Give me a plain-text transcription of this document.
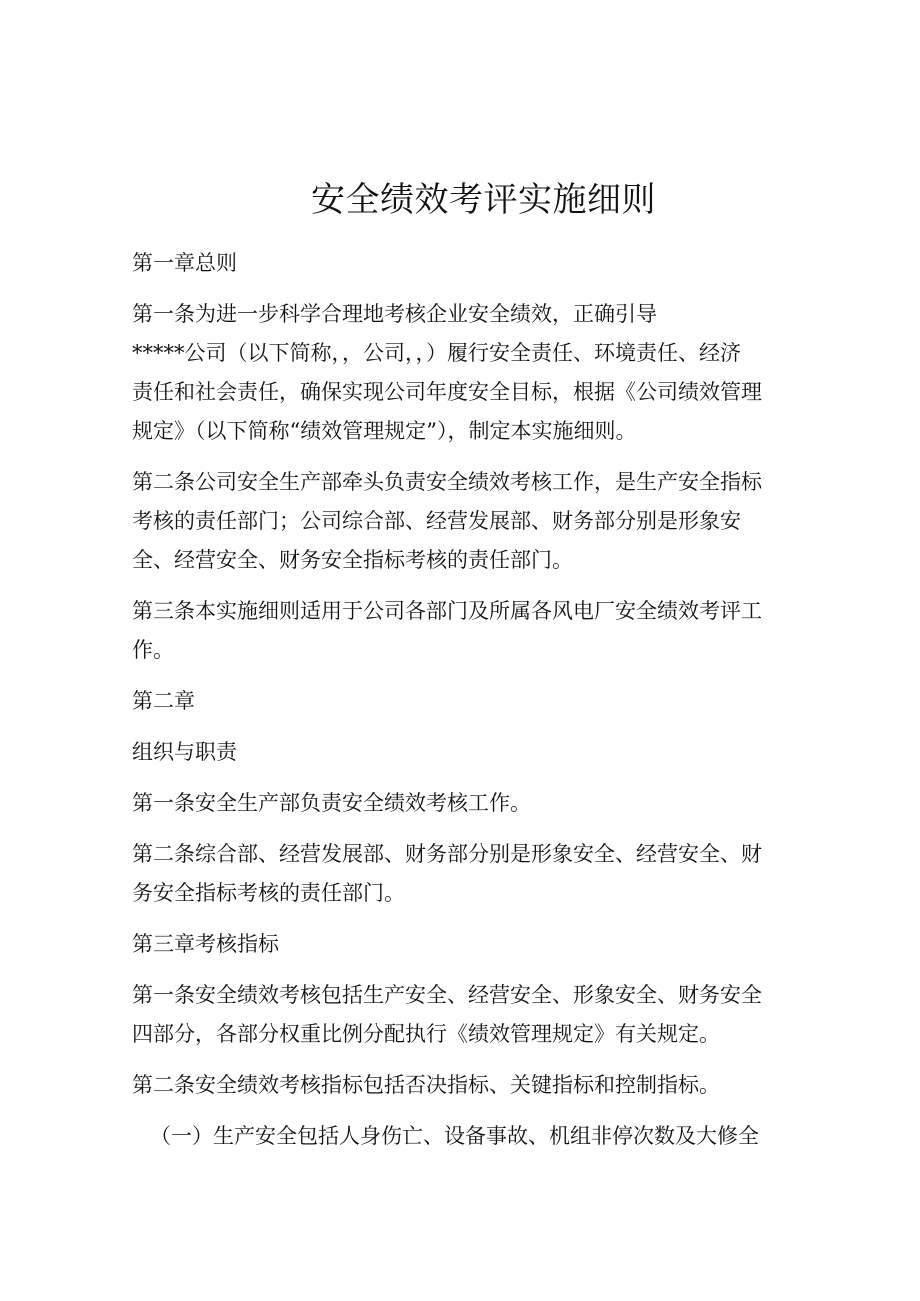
安全绩效考评实施细则

第一章总则

第一条为进一步科学合理地考核企业安全绩效，正确引导
*****公司（以下简称，，公司，，）履行安全责任、环境责任、经济
责任和社会责任，确保实现公司年度安全目标，根据《公司绩效管理
规定》（以下简称“绩效管理规定”），制定本实施细则。

第二条公司安全生产部牵头负责安全绩效考核工作，是生产安全指标
考核的责任部门；公司综合部、经营发展部、财务部分别是形象安
全、经营安全、财务安全指标考核的责任部门。

第三条本实施细则适用于公司各部门及所属各风电厂安全绩效考评工
作。

第二章

组织与职责

第一条安全生产部负责安全绩效考核工作。

第二条综合部、经营发展部、财务部分别是形象安全、经营安全、财
务安全指标考核的责任部门。

第三章考核指标

第一条安全绩效考核包括生产安全、经营安全、形象安全、财务安全
四部分，各部分权重比例分配执行《绩效管理规定》有关规定。

第二条安全绩效考核指标包括否决指标、关键指标和控制指标。

（一）生产安全包括人身伤亡、设备事故、机组非停次数及大修全
